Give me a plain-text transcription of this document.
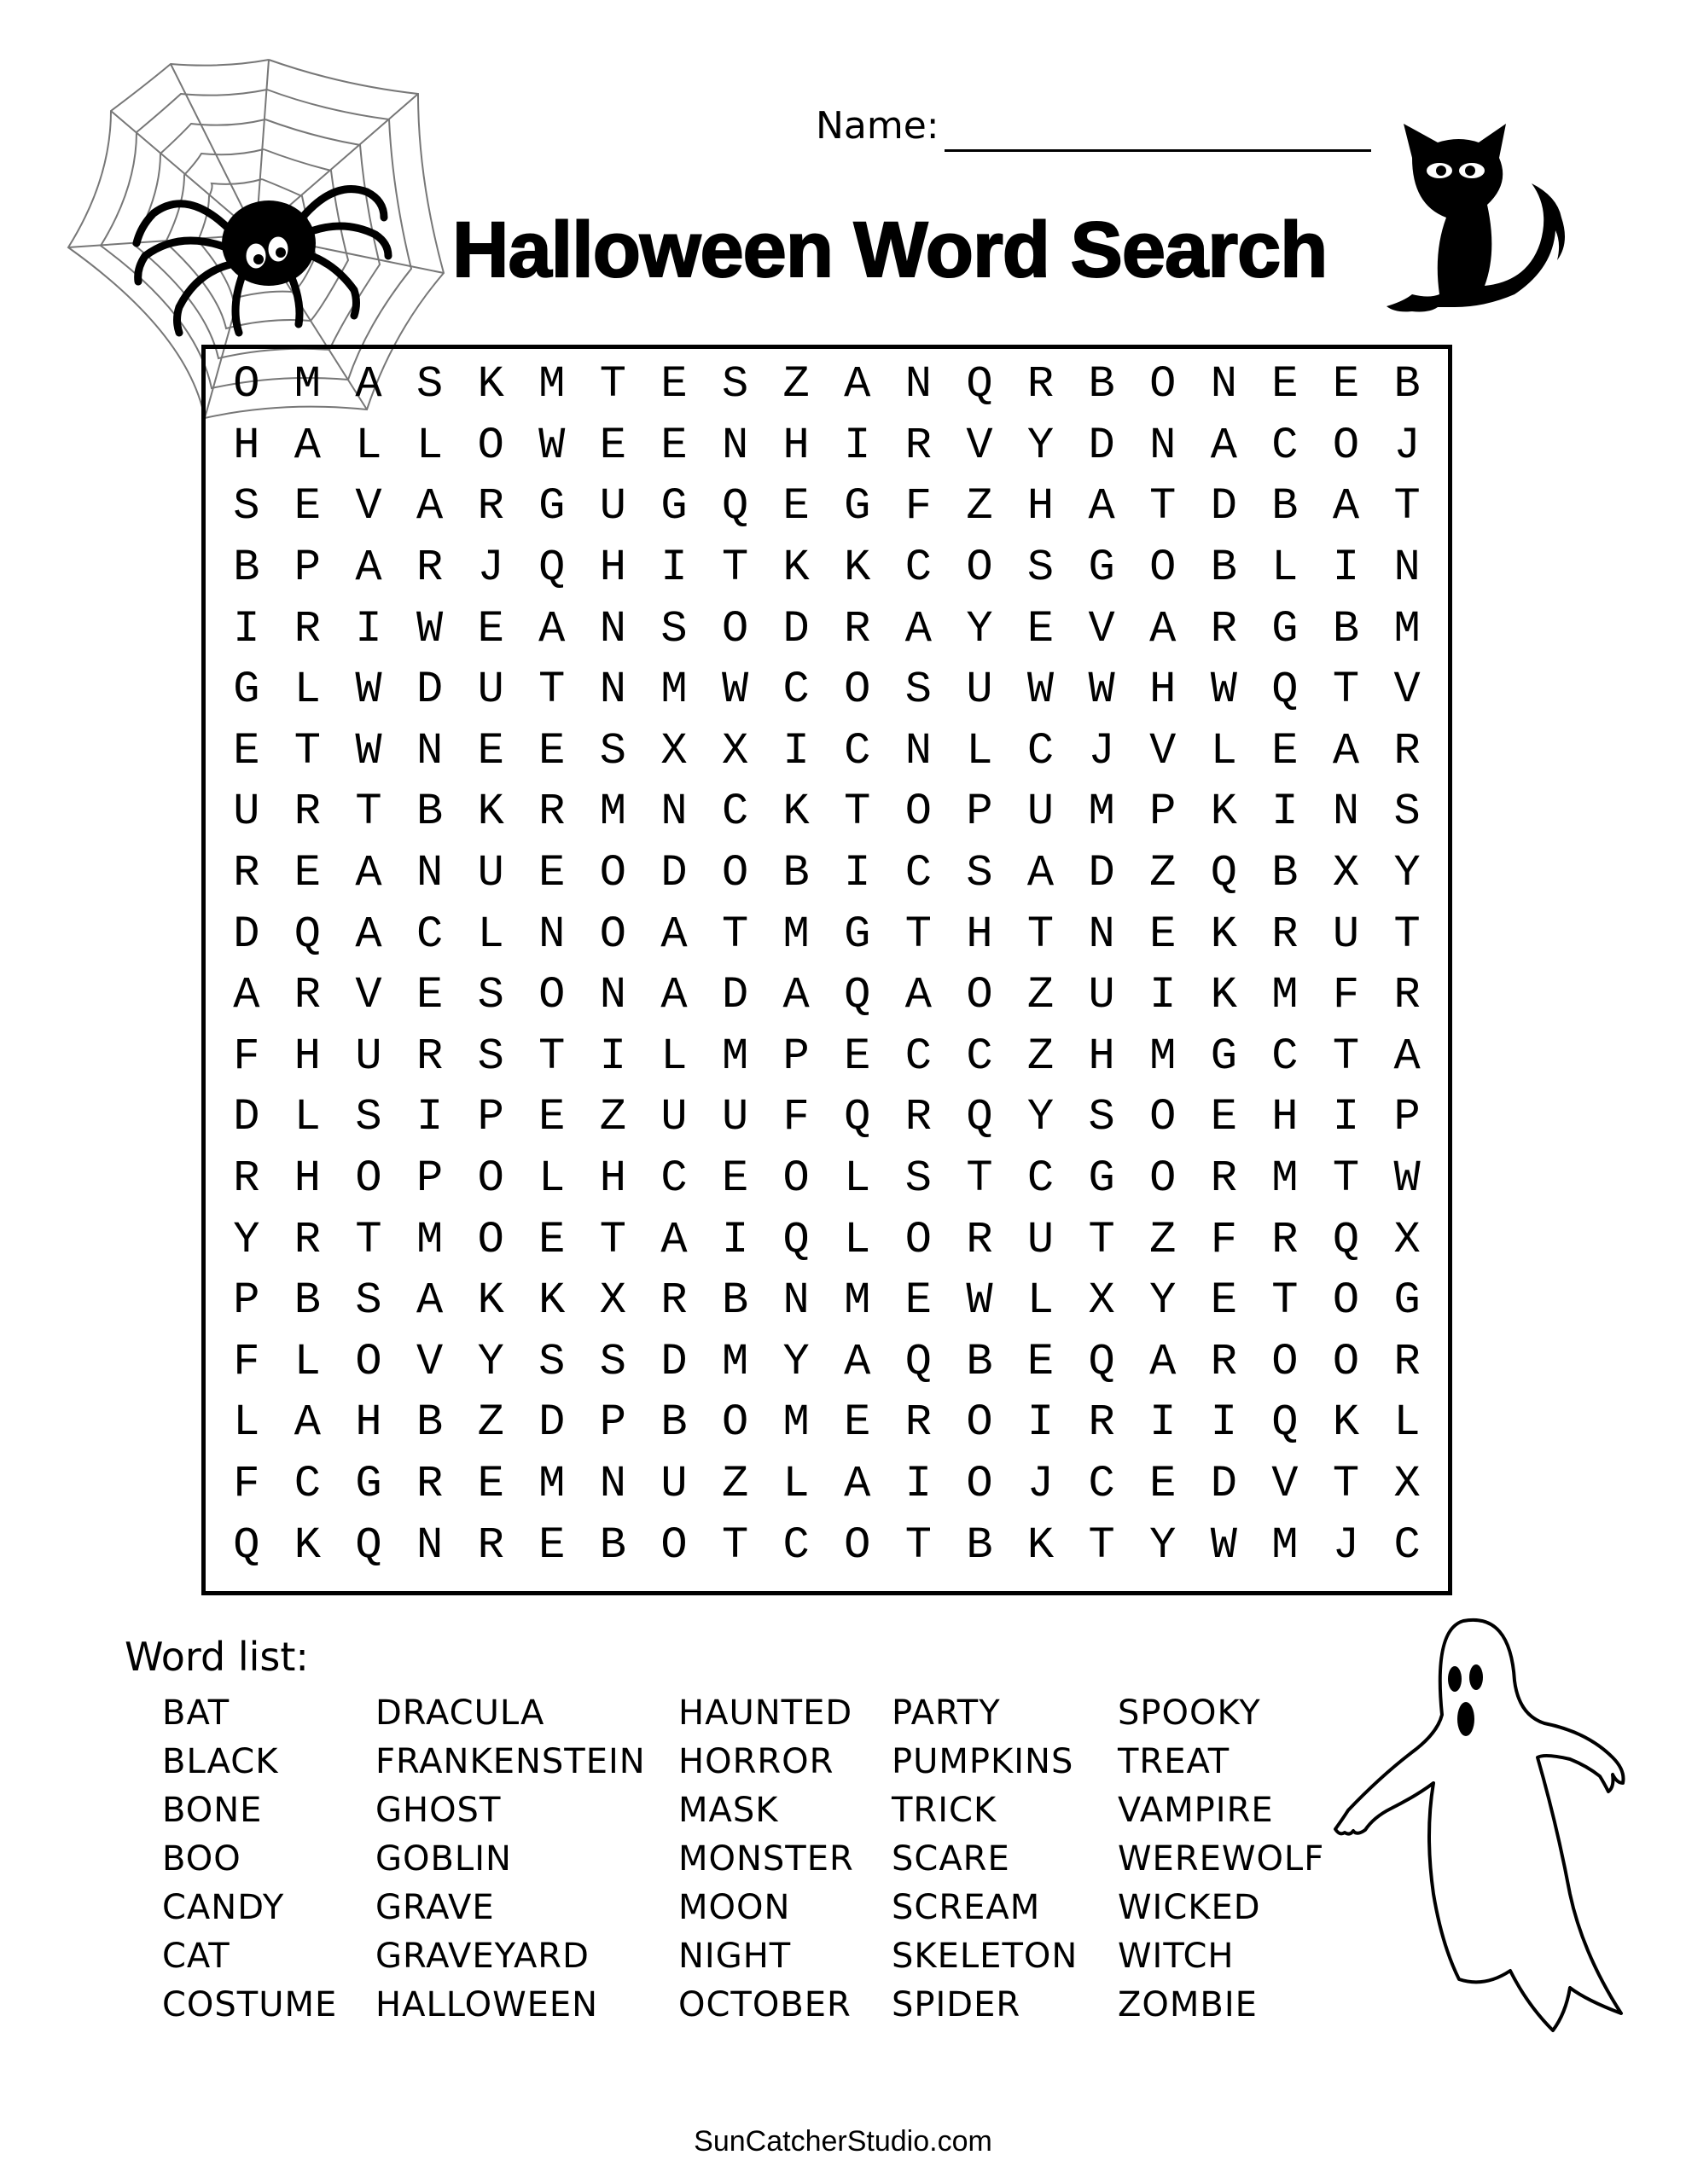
Name:
Halloween Word Search
O M A S K M T E S Z A N Q R B O N E E B
H A L L O W E E N H I R V Y D N A C O J
S E V A R G U G Q E G F Z H A T D B A T
B P A R J Q H I T K K C O S G O B L I N
I R I W E A N S O D R A Y E V A R G B M
G L W D U T N M W C O S U W W H W Q T V
E T W N E E S X X I C N L C J V L E A R
U R T B K R M N C K T O P U M P K I N S
R E A N U E O D O B I C S A D Z Q B X Y
D Q A C L N O A T M G T H T N E K R U T
A R V E S O N A D A Q A O Z U I K M F R
F H U R S T I L M P E C C Z H M G C T A
D L S I P E Z U U F Q R Q Y S O E H I P
R H O P O L H C E O L S T C G O R M T W
Y R T M O E T A I Q L O R U T Z F R Q X
P B S A K K X R B N M E W L X Y E T O G
F L O V Y S S D M Y A Q B E Q A R O O R
L A H B Z D P B O M E R O I R I I Q K L
F C G R E M N U Z L A I O J C E D V T X
Q K Q N R E B O T C O T B K T Y W M J C
Word list:
BAT
BLACK
BONE
BOO
CANDY
CAT
COSTUME
DRACULA
FRANKENSTEIN
GHOST
GOBLIN
GRAVE
GRAVEYARD
HALLOWEEN
HAUNTED
HORROR
MASK
MONSTER
MOON
NIGHT
OCTOBER
PARTY
PUMPKINS
TRICK
SCARE
SCREAM
SKELETON
SPIDER
SPOOKY
TREAT
VAMPIRE
WEREWOLF
WICKED
WITCH
ZOMBIE
SunCatcherStudio.com
